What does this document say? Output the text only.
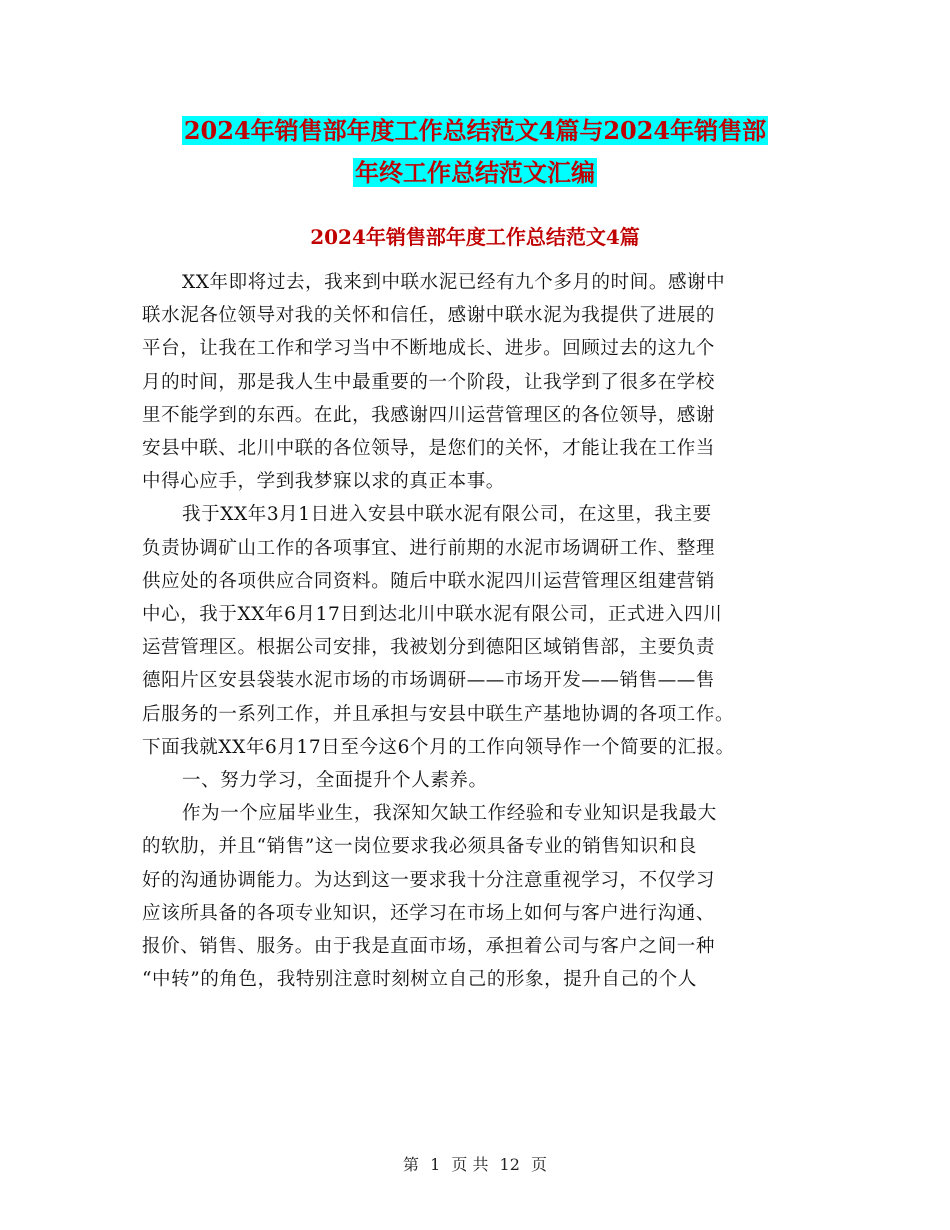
2024年销售部年度工作总结范文4篇与2024年销售部
年终工作总结范文汇编
2024年销售部年度工作总结范文4篇
XX年即将过去，我来到中联水泥已经有九个多月的时间。感谢中
联水泥各位领导对我的关怀和信任，感谢中联水泥为我提供了进展的
平台，让我在工作和学习当中不断地成长、进步。回顾过去的这九个
月的时间，那是我人生中最重要的一个阶段，让我学到了很多在学校
里不能学到的东西。在此，我感谢四川运营管理区的各位领导，感谢
安县中联、北川中联的各位领导，是您们的关怀，才能让我在工作当
中得心应手，学到我梦寐以求的真正本事。
我于XX年3月1日进入安县中联水泥有限公司，在这里，我主要
负责协调矿山工作的各项事宜、进行前期的水泥市场调研工作、整理
供应处的各项供应合同资料。随后中联水泥四川运营管理区组建营销
中心，我于XX年6月17日到达北川中联水泥有限公司，正式进入四川
运营管理区。根据公司安排，我被划分到德阳区域销售部，主要负责
德阳片区安县袋装水泥市场的市场调研——市场开发——销售——售
后服务的一系列工作，并且承担与安县中联生产基地协调的各项工作。
下面我就XX年6月17日至今这6个月的工作向领导作一个简要的汇报。
一、努力学习，全面提升个人素养。
作为一个应届毕业生，我深知欠缺工作经验和专业知识是我最大
的软肋，并且“销售”这一岗位要求我必须具备专业的销售知识和良
好的沟通协调能力。为达到这一要求我十分注意重视学习，不仅学习
应该所具备的各项专业知识，还学习在市场上如何与客户进行沟通、
报价、销售、服务。由于我是直面市场，承担着公司与客户之间一种
“中转”的角色，我特别注意时刻树立自己的形象，提升自己的个人
第 1 页 共 12 页
